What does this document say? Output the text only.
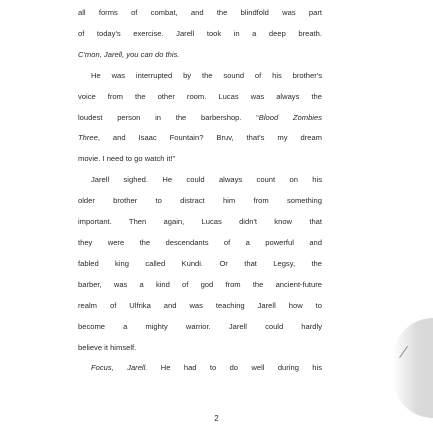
all forms of combat, and the blindfold was part
of today's exercise. Jarell took in a deep breath.
C'mon, Jarell, you can do this.
He was interrupted by the sound of his brother's
voice from the other room. Lucas was always the
loudest person in the barbershop. “Blood Zombies
Three, and Isaac Fountain? Bruv, that's my dream
movie. I need to go watch it!”
Jarell sighed. He could always count on his
older brother to distract him from something
important. Then again, Lucas didn't know that
they were the descendants of a powerful and
fabled king called Kundi. Or that Legsy, the
barber, was a kind of god from the ancient-future
realm of Ulfrika and was teaching Jarell how to
become a mighty warrior. Jarell could hardly
believe it himself.
Focus, Jarell. He had to do well during his
2
